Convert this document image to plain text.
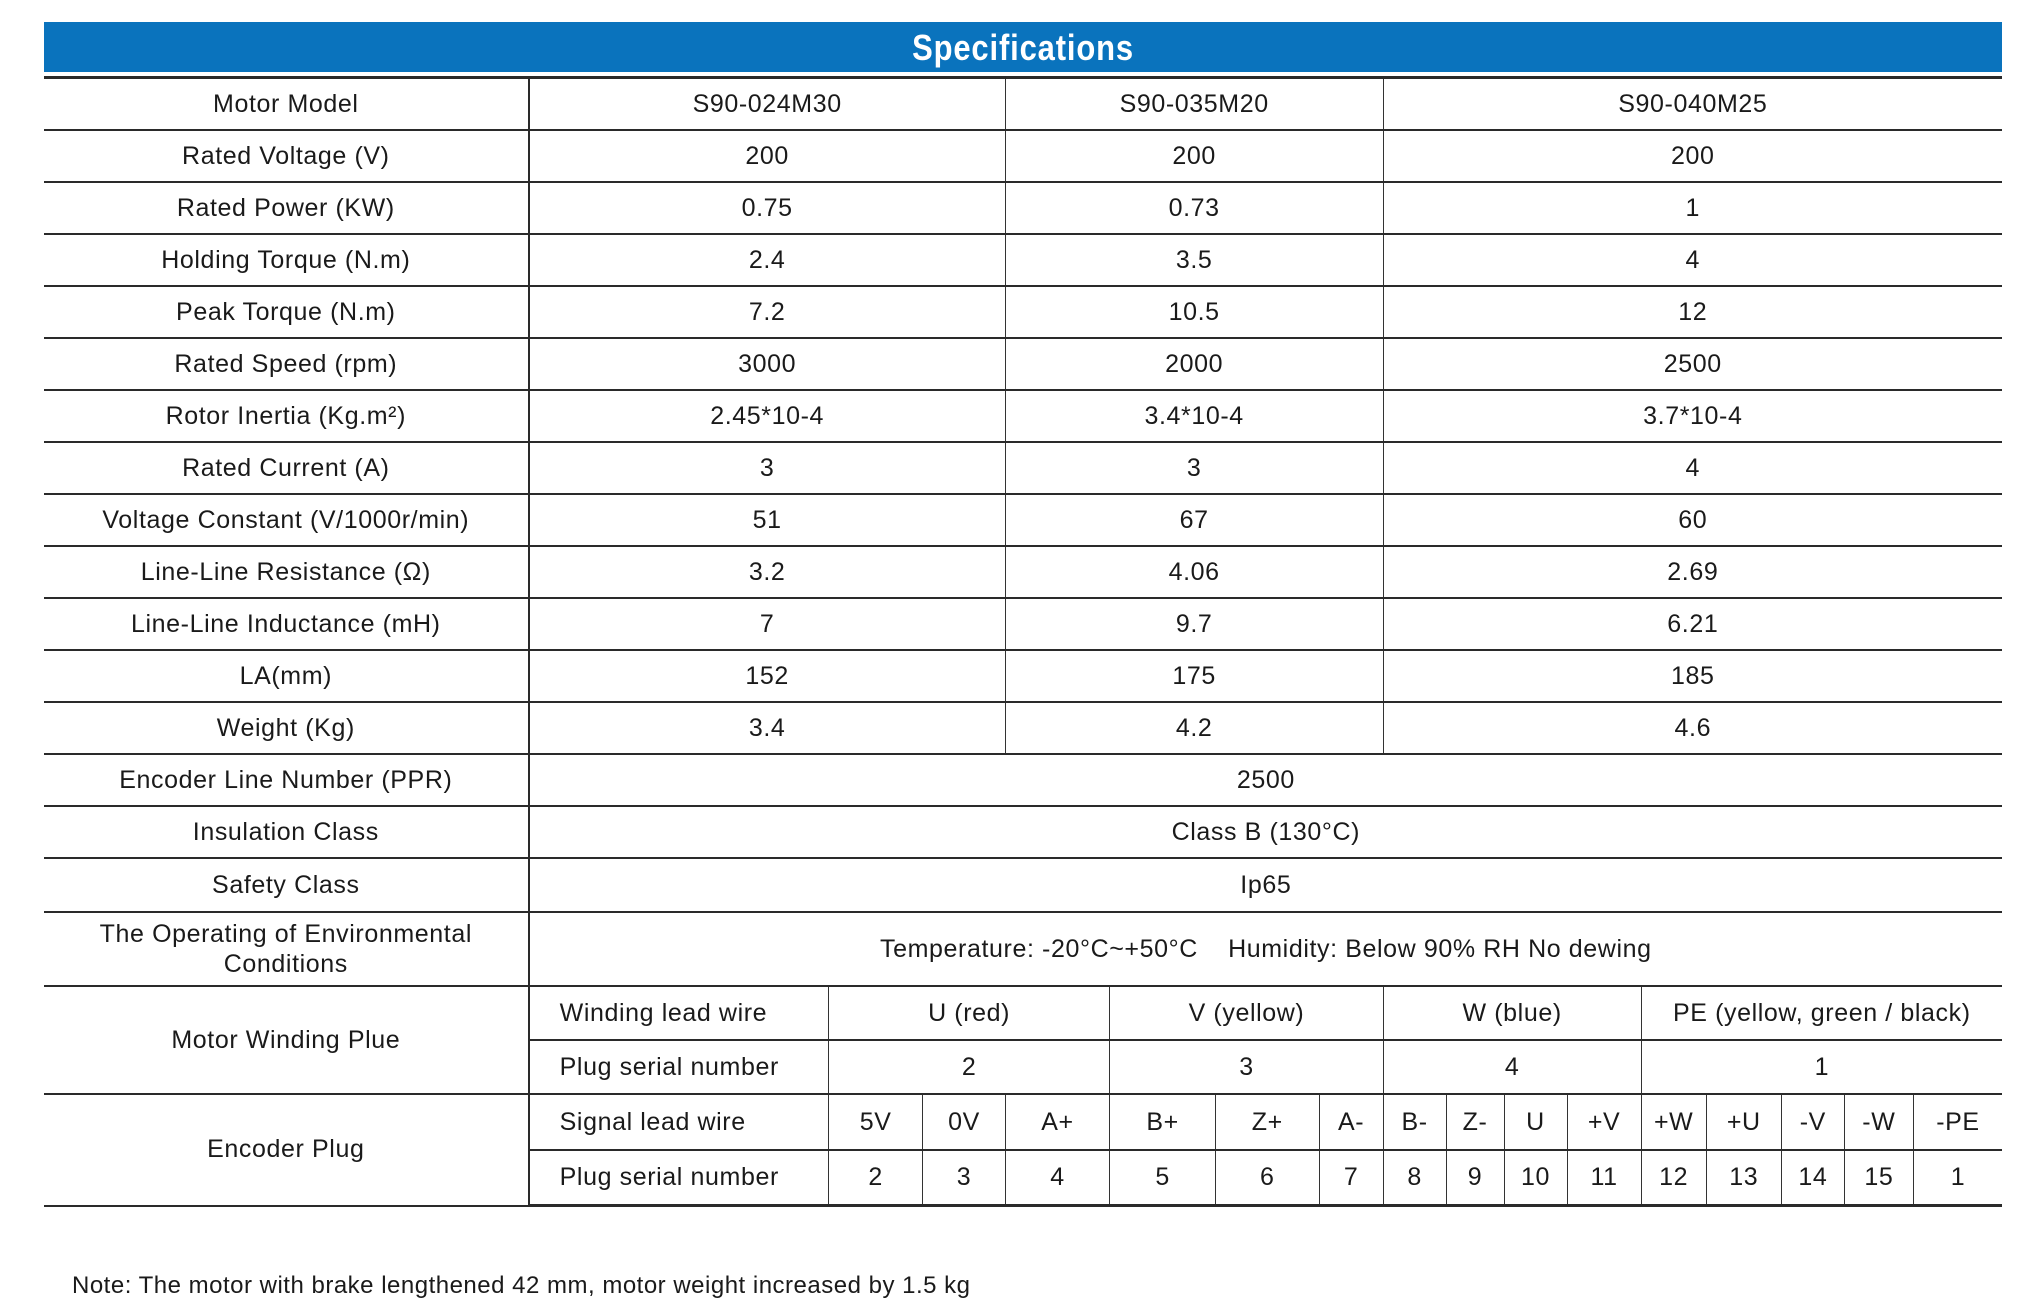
Specifications
Motor Model	S90-024M30			S90-035M20				S90-040M25								
Rated Voltage (V)	200			200				200								
Rated Power (KW)	0.75			0.73				1								
Holding Torque (N.m)	2.4			3.5				4								
Peak Torque (N.m)	7.2			10.5				12								
Rated Speed (rpm)	3000			2000				2500								
Rotor Inertia (Kg.m²)	2.45*10-4			3.4*10-4				3.7*10-4								
Rated Current (A)	3			3				4								
Voltage Constant (V/1000r/min)	51			67				60								
Line-Line Resistance (Ω)	3.2			4.06				2.69								
Line-Line Inductance (mH)	7			9.7				6.21								
LA(mm)	152			175				185								
Weight (Kg)	3.4			4.2				4.6								
Encoder Line Number (PPR)	2500															
Insulation Class	Class B (130°C)															
Safety Class	Ip65															
The Operating of Environmental Conditions	Temperature: -20°C~+50°C    Humidity: Below 90% RH No dewing															
Motor Winding Plue	Winding lead wire	U (red)			V (yellow)			W (blue)				PE (yellow, green / black)				
	Plug serial number	2			3			4				1				
Encoder Plug	Signal lead wire	5V	0V	A+	B+	Z+	A-	B-	Z-	U	+V	+W	+U	-V	-W	-PE
	Plug serial number	2	3	4	5	6	7	8	9	10	11	12	13	14	15	1
Note: The motor with brake lengthened 42 mm, motor weight increased by 1.5 kg
